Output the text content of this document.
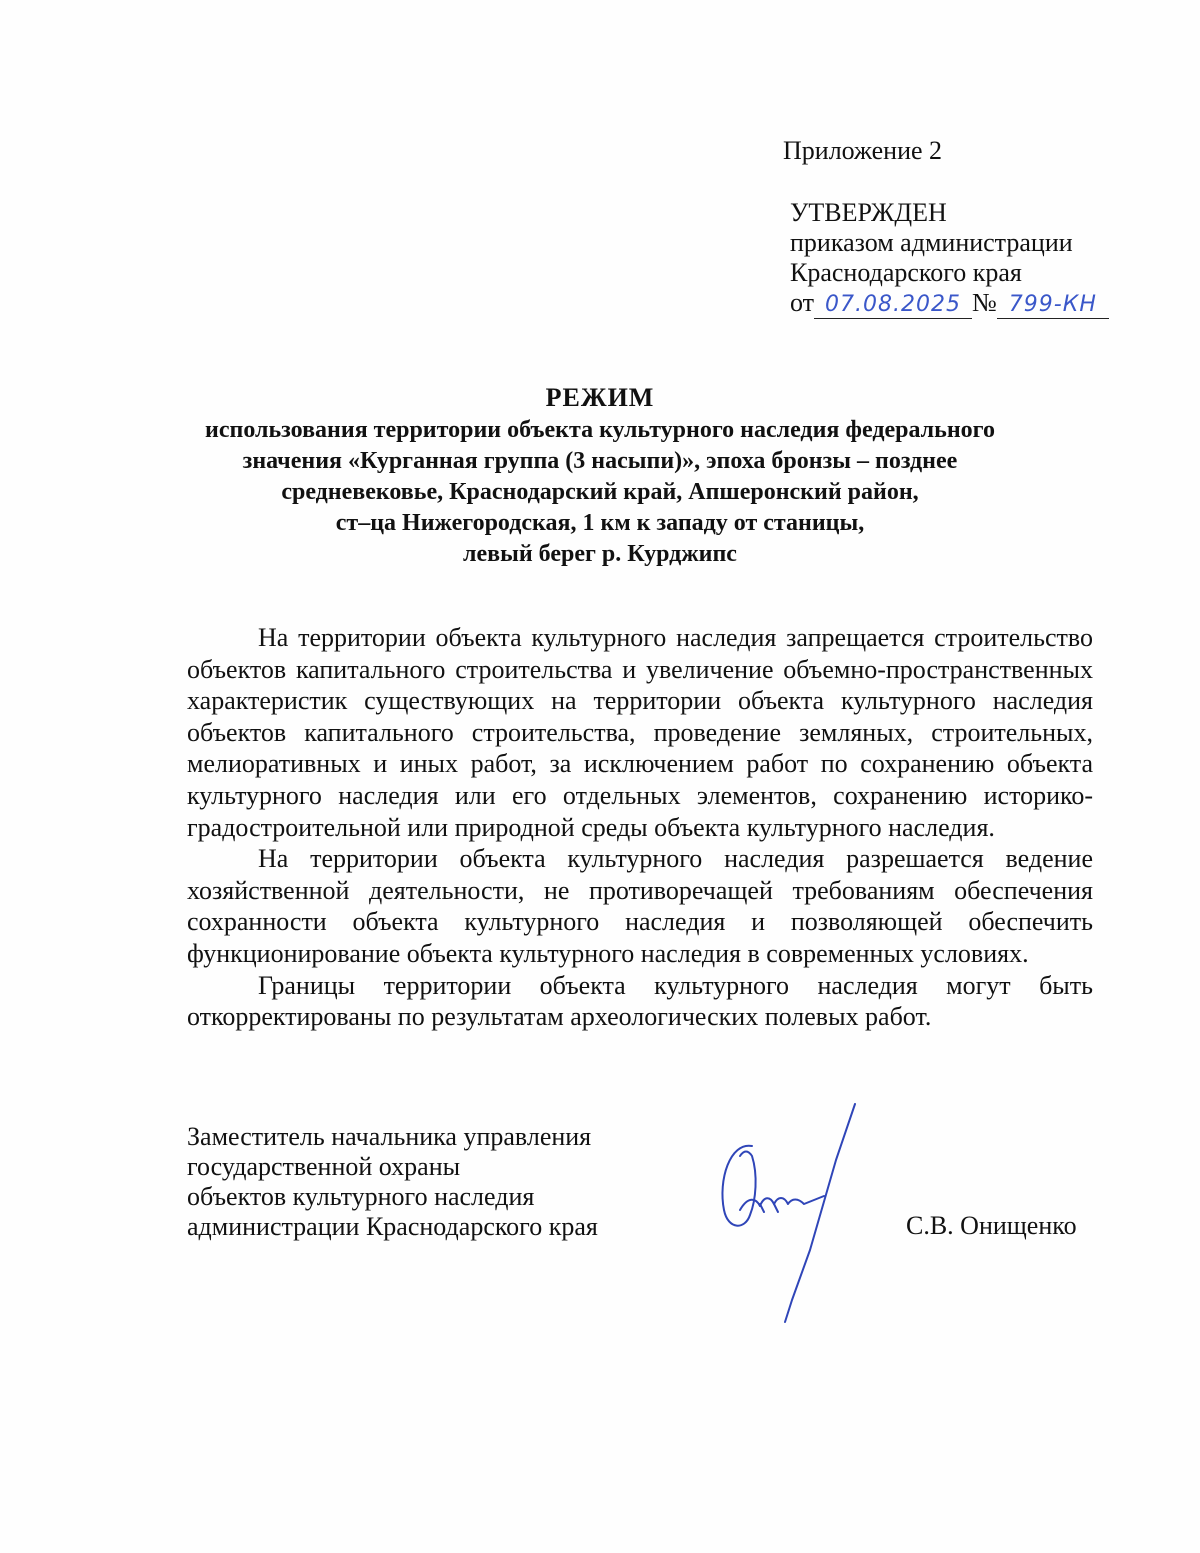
Приложение 2
УТВЕРЖДЕН
приказом администрации
Краснодарского края
от 07.08.2025 № 799-КН
РЕЖИМ
использования территории объекта культурного наследия федерального
значения «Курганная группа (3 насыпи)», эпоха бронзы – позднее
средневековье, Краснодарский край, Апшеронский район,
ст–ца Нижегородская, 1 км к западу от станицы,
левый берег р. Курджипс

На территории объекта культурного наследия запрещается строительство объектов капитального строительства и увеличение объемно-пространственных характеристик существующих на территории объекта культурного наследия объектов капитального строительства, проведение земляных, строительных, мелиоративных и иных работ, за исключением работ по сохранению объекта культурного наследия или его отдельных элементов, сохранению историко-градостроительной или природной среды объекта культурного наследия.

На территории объекта культурного наследия разрешается ведение хозяйственной деятельности, не противоречащей требованиям обеспечения сохранности объекта культурного наследия и позволяющей обеспечить функционирование объекта культурного наследия в современных условиях.

Границы территории объекта культурного наследия могут быть откорректированы по результатам археологических полевых работ.

Заместитель начальника управления
государственной охраны
объектов культурного наследия
администрации Краснодарского края	С.В. Онищенко
